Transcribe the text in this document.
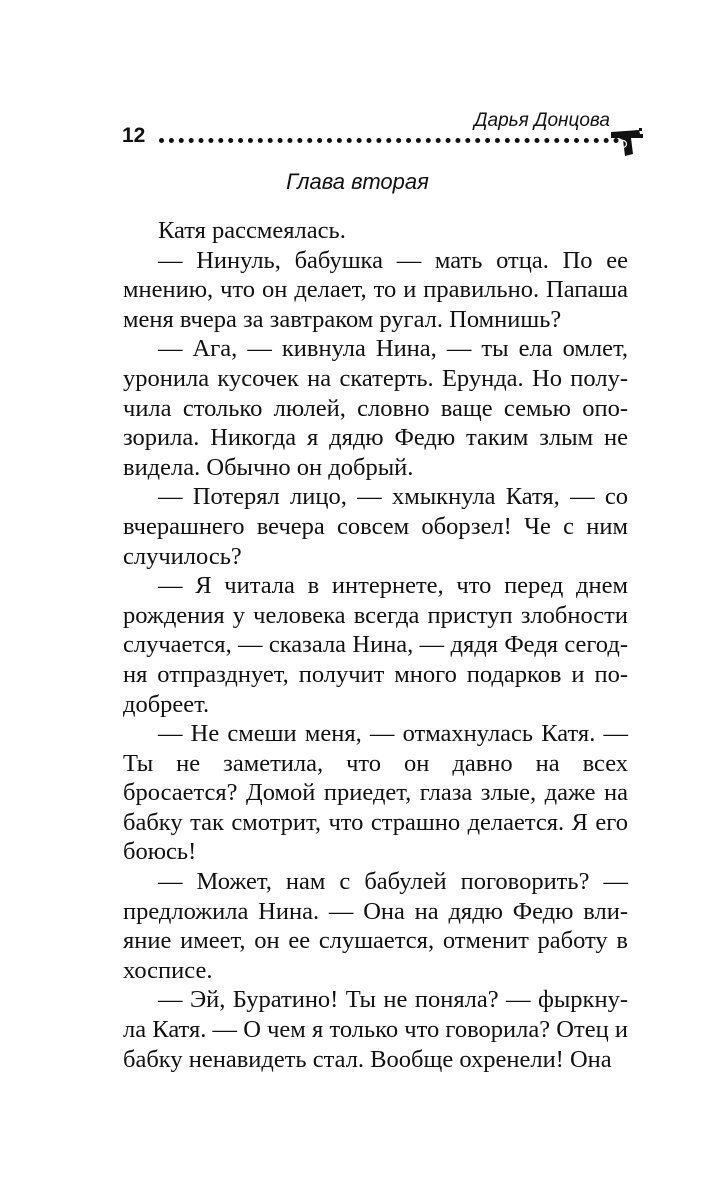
12
Дарья Донцова
Глава вторая

Катя рассмеялась.

— Нинуль, бабушка — мать отца. По ее мнению, что он делает, то и правильно. Папаша меня вчера за завтраком ругал. Помнишь?

— Ага, — кивнула Нина, — ты ела омлет, уронила кусочек на скатерть. Ерунда. Но получила столько люлей, словно ваще семью опозорила. Никогда я дядю Федю таким злым не видела. Обычно он добрый.

— Потерял лицо, — хмыкнула Катя, — со вчерашнего вечера совсем оборзел! Че с ним случилось?

— Я читала в интернете, что перед днем рождения у человека всегда приступ злобности случается, — сказала Нина, — дядя Федя сегодня отпразднует, получит много подарков и подобреет.

— Не смеши меня, — отмахнулась Катя. — Ты не заметила, что он давно на всех бросается? Домой приедет, глаза злые, даже на бабку так смотрит, что страшно делается. Я его боюсь!

— Может, нам с бабулей поговорить? — предложила Нина. — Она на дядю Федю влияние имеет, он ее слушается, отменит работу в хосписе.

— Эй, Буратино! Ты не поняла? — фыркнула Катя. — О чем я только что говорила? Отец и бабку ненавидеть стал. Вообще охренели! Она
